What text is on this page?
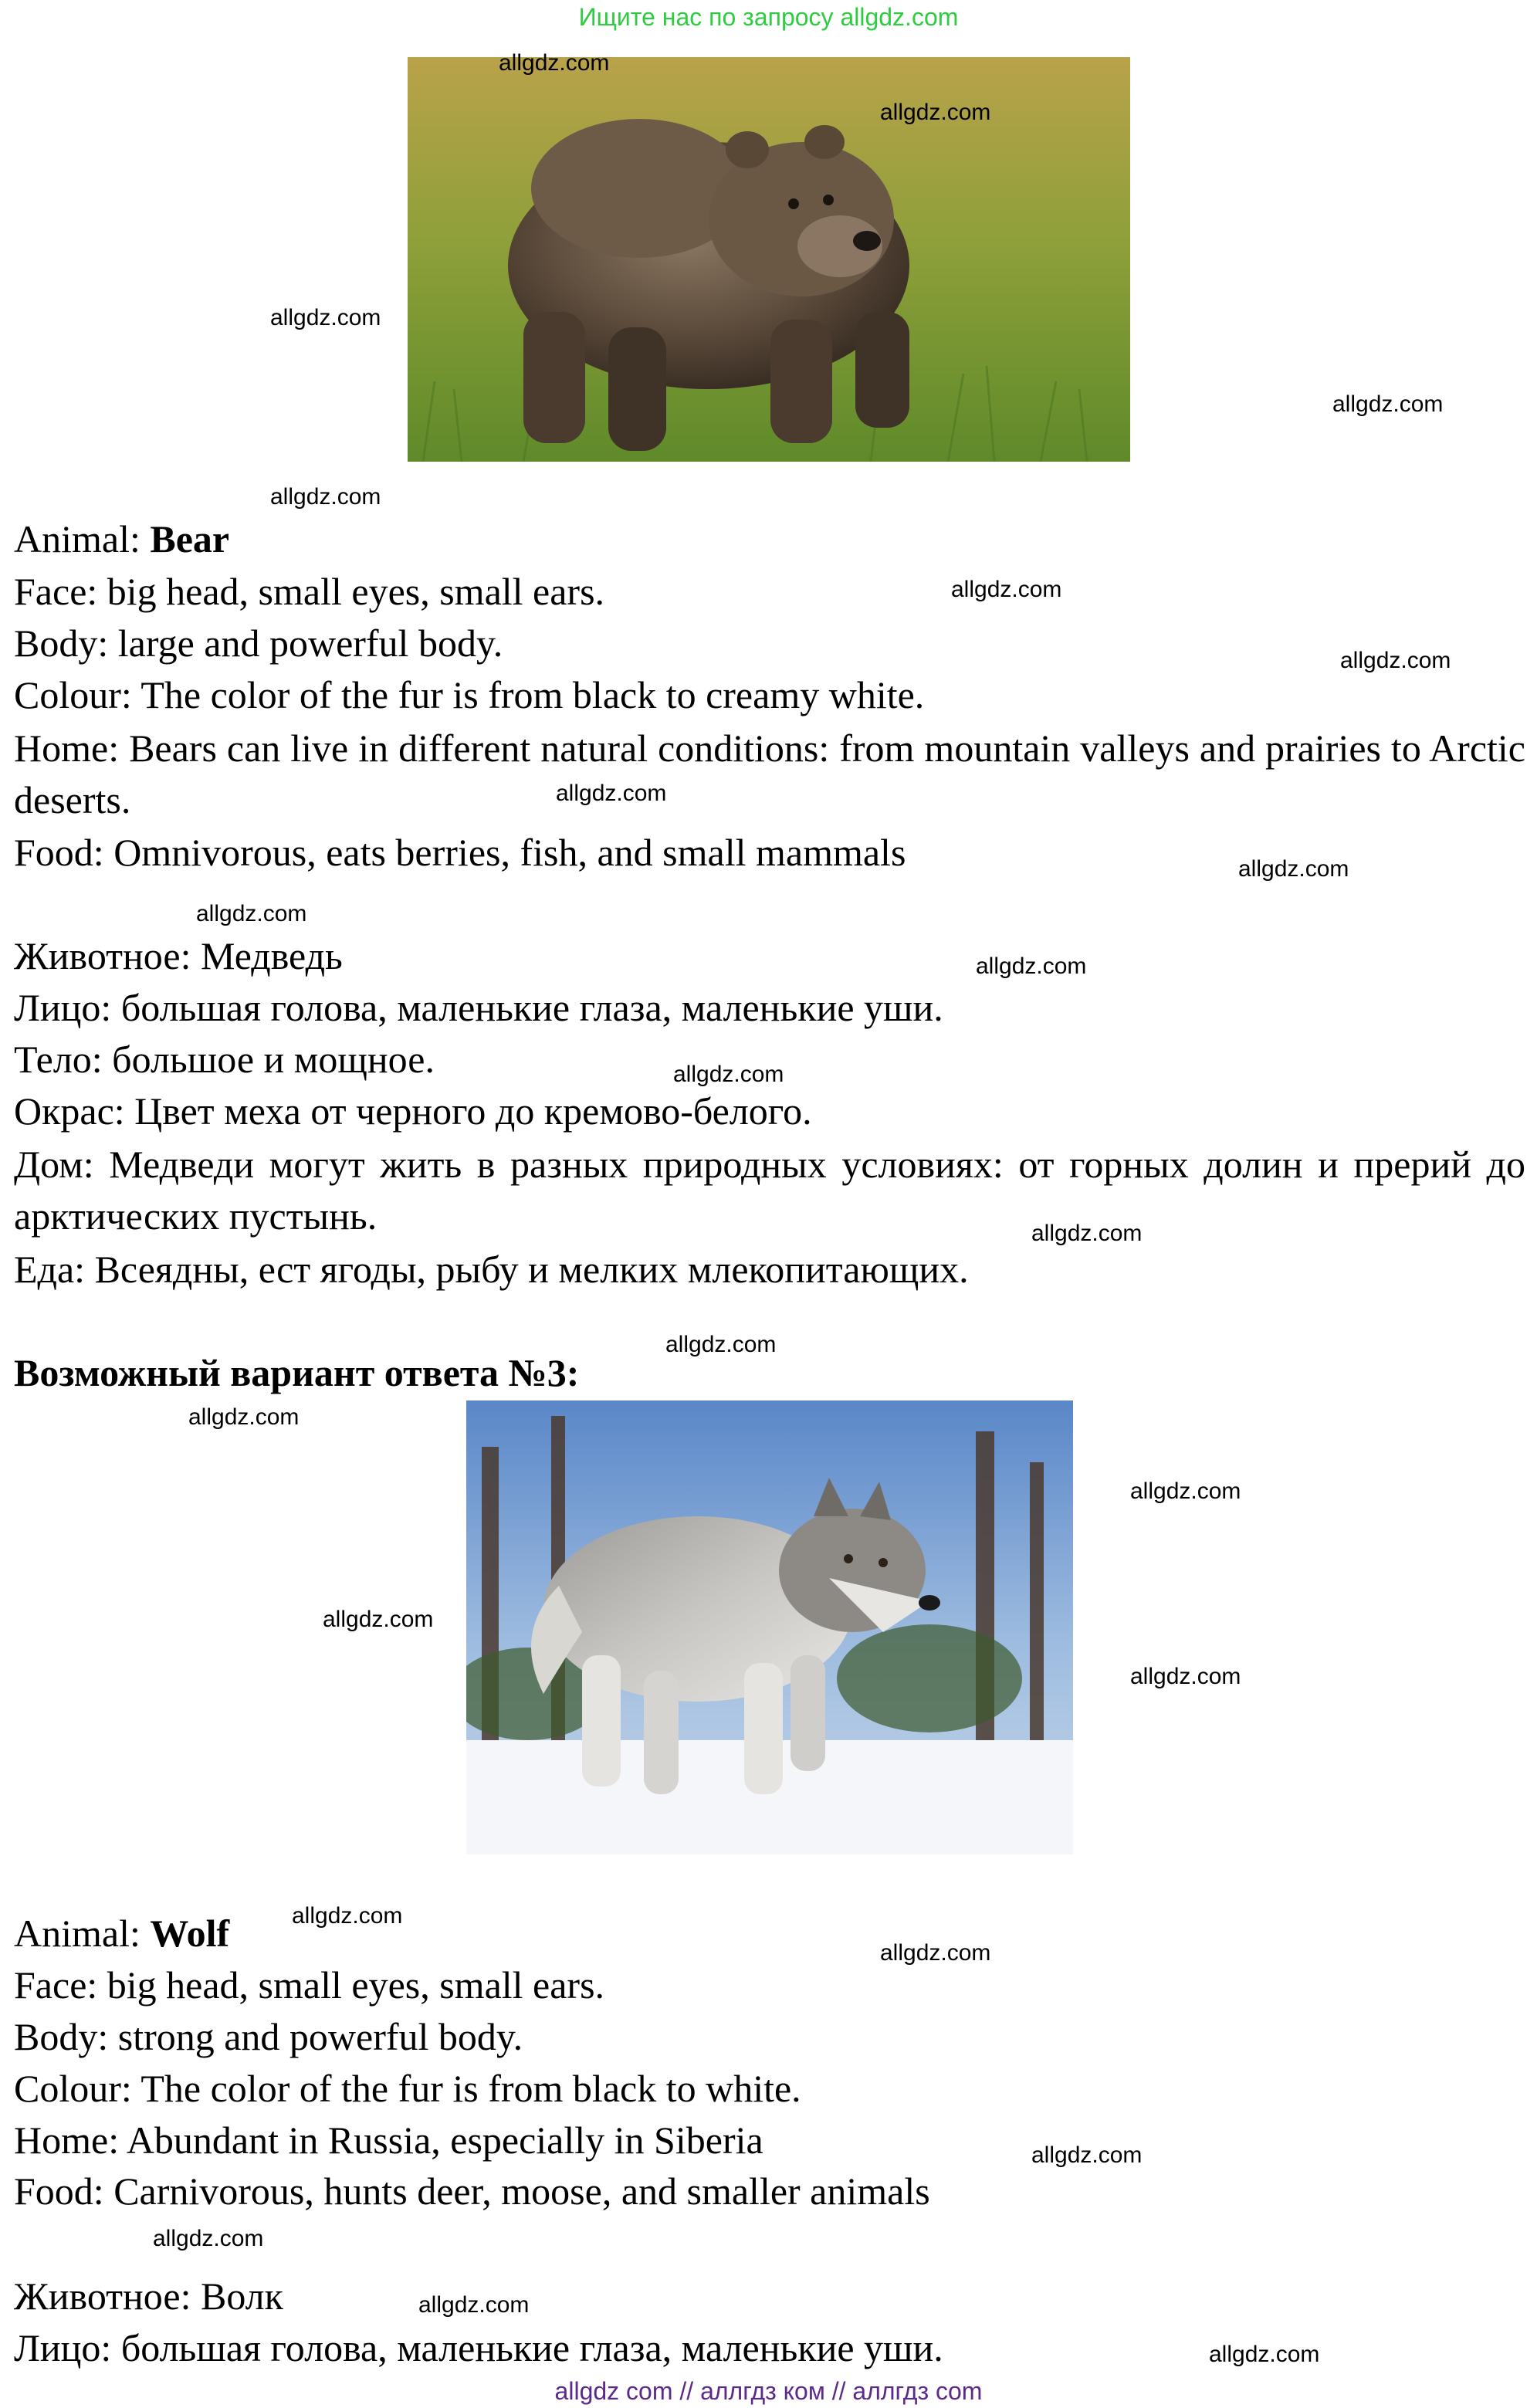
Ищите нас по запросу allgdz.com
Animal: Bear
Face: big head, small eyes, small ears.
Body: large and powerful body.
Colour: The color of the fur is from black to creamy white.
Home: Bears can live in different natural conditions: from mountain valleys and prairies to Arctic deserts.
Food: Omnivorous, eats berries, fish, and small mammals
Животное: Медведь
Лицо: большая голова, маленькие глаза, маленькие уши.
Тело: большое и мощное.
Окрас: Цвет меха от черного до кремово-белого.
Дом: Медведи могут жить в разных природных условиях: от горных долин и прерий до арктических пустынь.
Еда: Всеядны, ест ягоды, рыбу и мелких млекопитающих.
Возможный вариант ответа №3:
Animal: Wolf
Face: big head, small eyes, small ears.
Body: strong and powerful body.
Colour: The color of the fur is from black to white.
Home: Abundant in Russia, especially in Siberia
Food: Carnivorous, hunts deer, moose, and smaller animals
Животное: Волк
Лицо: большая голова, маленькие глаза, маленькие уши.
allgdz.com
allgdz.com
allgdz.com
allgdz.com
allgdz.com
allgdz.com
allgdz.com
allgdz.com
allgdz.com
allgdz.com
allgdz.com
allgdz.com
allgdz.com
allgdz.com
allgdz.com
allgdz.com
allgdz.com
allgdz.com
allgdz.com
allgdz.com
allgdz.com
allgdz.com
allgdz.com
allgdz.com
allgdz com // аллгдз ком // аллгдз com
